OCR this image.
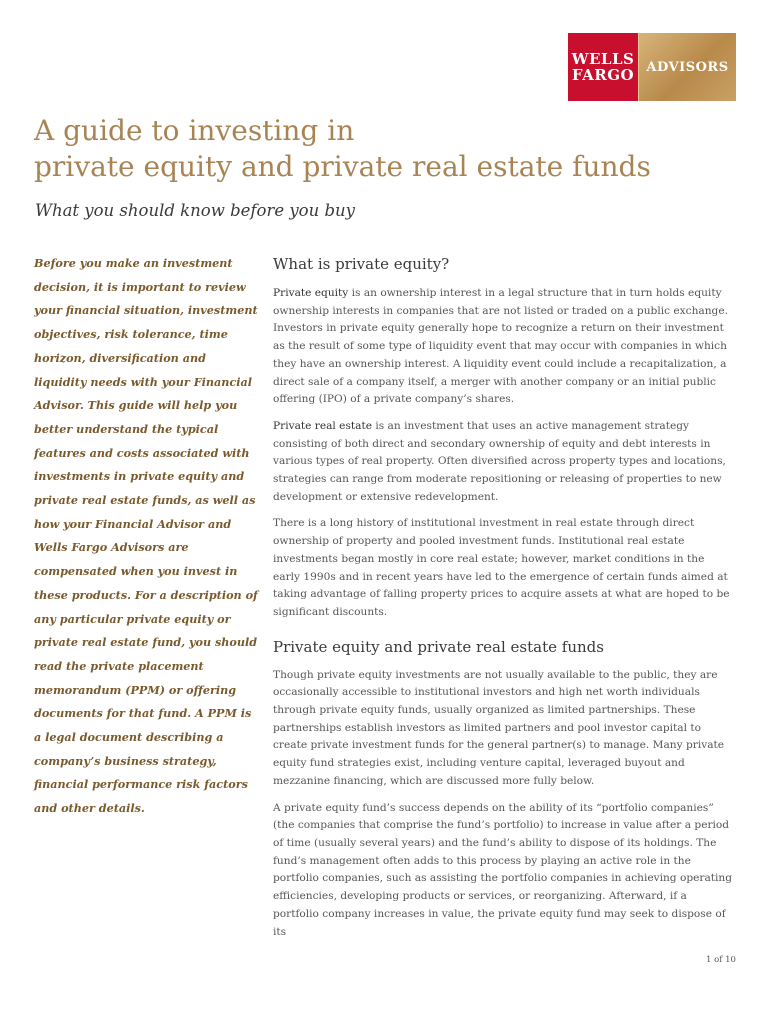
WELLS
FARGO ADVISORS
A guide to investing in
private equity and private real estate funds

What you should know before you buy

Before you make an investment decision, it is important to review your financial situation, investment objectives, risk tolerance, time horizon, diversification and liquidity needs with your Financial Advisor. This guide will help you better understand the typical features and costs associated with investments in private equity and private real estate funds, as well as how your Financial Advisor and Wells Fargo Advisors are compensated when you invest in these products. For a description of any particular private equity or private real estate fund, you should read the private placement memorandum (PPM) or offering documents for that fund. A PPM is a legal document describing a company’s business strategy, financial performance risk factors and other details.

What is private equity?

Private equity is an ownership interest in a legal structure that in turn holds equity ownership interests in companies that are not listed or traded on a public exchange. Investors in private equity generally hope to recognize a return on their investment as the result of some type of liquidity event that may occur with companies in which they have an ownership interest. A liquidity event could include a recapitalization, a direct sale of a company itself, a merger with another company or an initial public offering (IPO) of a private company’s shares.

Private real estate is an investment that uses an active management strategy consisting of both direct and secondary ownership of equity and debt interests in various types of real property. Often diversified across property types and locations, strategies can range from moderate repositioning or releasing of properties to new development or extensive redevelopment.

There is a long history of institutional investment in real estate through direct ownership of property and pooled investment funds. Institutional real estate investments began mostly in core real estate; however, market conditions in the early 1990s and in recent years have led to the emergence of certain funds aimed at taking advantage of falling property prices to acquire assets at what are hoped to be significant discounts.

Private equity and private real estate funds

Though private equity investments are not usually available to the public, they are occasionally accessible to institutional investors and high net worth individuals through private equity funds, usually organized as limited partnerships. These partnerships establish investors as limited partners and pool investor capital to create private investment funds for the general partner(s) to manage. Many private equity fund strategies exist, including venture capital, leveraged buyout and mezzanine financing, which are discussed more fully below.

A private equity fund’s success depends on the ability of its “portfolio companies” (the companies that comprise the fund’s portfolio) to increase in value after a period of time (usually several years) and the fund’s ability to dispose of its holdings. The fund’s management often adds to this process by playing an active role in the portfolio companies, such as assisting the portfolio companies in achieving operating efficiencies, developing products or services, or reorganizing. Afterward, if a portfolio company increases in value, the private equity fund may seek to dispose of its

1 of 10
